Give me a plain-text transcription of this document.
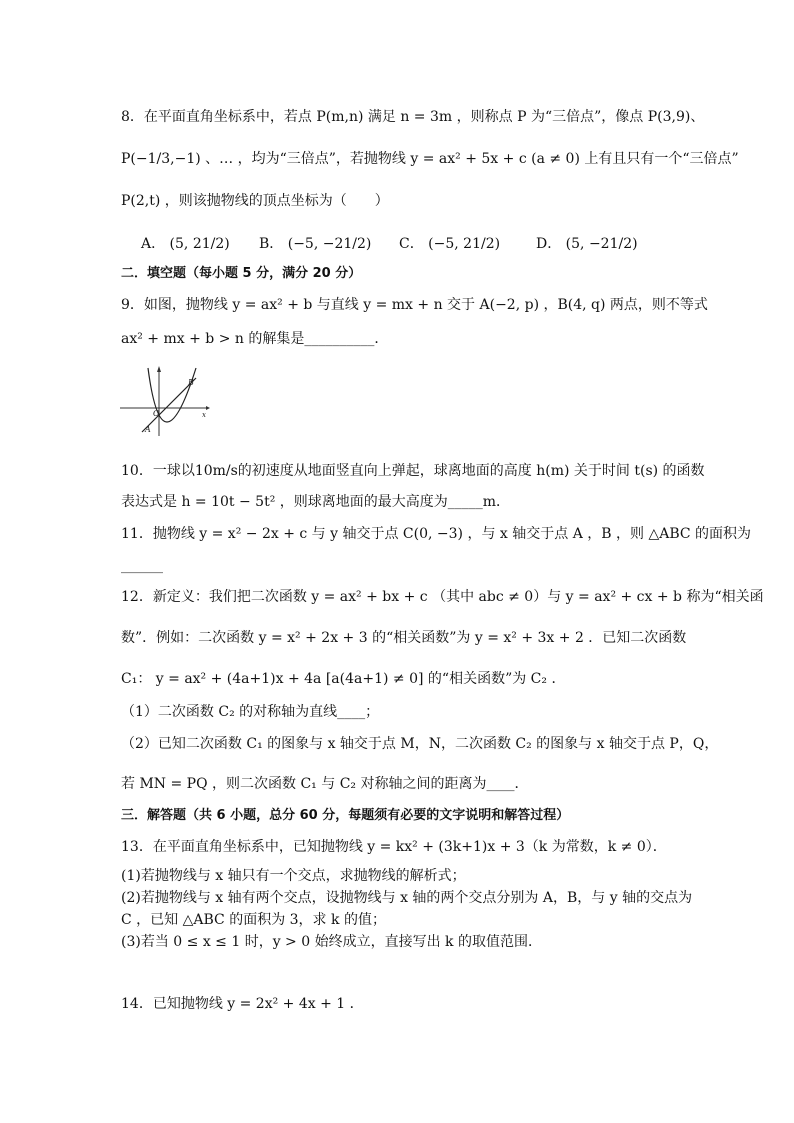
8．在平面直角坐标系中，若点 P(m,n) 满足 n = 3m ，则称点 P 为“三倍点”，像点 P(3,9)、
P(−1/3,−1) 、… ，均为“三倍点”，若抛物线 y = ax² + 5x + c (a ≠ 0) 上有且只有一个“三倍点”
P(2,t) ，则该抛物线的顶点坐标为（　　）
A． (5, 21/2) B． (−5, −21/2) C． (−5, 21/2)	D． (5, −21/2)
二．填空题（每小题 5 分，满分 20 分）
9．如图，抛物线 y = ax² + b 与直线 y = mx + n 交于 A(−2, p) ，B(4, q) 两点，则不等式
ax² + mx + b > n 的解集是__________．
B
O
A
x
10．一球以10m/s的初速度从地面竖直向上弹起，球离地面的高度 h(m) 关于时间 t(s) 的函数
表达式是 h = 10t − 5t² ，则球离地面的最大高度为_____m．
11．抛物线 y = x² − 2x + c 与 y 轴交于点 C(0, −3) ，与 x 轴交于点 A ，B ，则 △ABC 的面积为
______
12．新定义：我们把二次函数 y = ax² + bx + c （其中 abc ≠ 0）与 y = ax² + cx + b 称为“相关函
数”．例如：二次函数 y = x² + 2x + 3 的“相关函数”为 y = x² + 3x + 2 ．已知二次函数
C₁： y = ax² + (4a+1)x + 4a [a(4a+1) ≠ 0] 的“相关函数”为 C₂ ．
（1）二次函数 C₂ 的对称轴为直线____；
（2）已知二次函数 C₁ 的图象与 x 轴交于点 M，N，二次函数 C₂ 的图象与 x 轴交于点 P，Q，
若 MN = PQ ，则二次函数 C₁ 与 C₂ 对称轴之间的距离为____．
三．解答题（共 6 小题，总分 60 分，每题须有必要的文字说明和解答过程）
13．在平面直角坐标系中，已知抛物线 y = kx² + (3k+1)x + 3（k 为常数，k ≠ 0）．
(1)若抛物线与 x 轴只有一个交点，求抛物线的解析式；
(2)若抛物线与 x 轴有两个交点，设抛物线与 x 轴的两个交点分别为 A，B，与 y 轴的交点为
C ，已知 △ABC 的面积为 3，求 k 的值；
(3)若当 0 ≤ x ≤ 1 时，y > 0 始终成立，直接写出 k 的取值范围．
14．已知抛物线 y = 2x² + 4x + 1 ．
